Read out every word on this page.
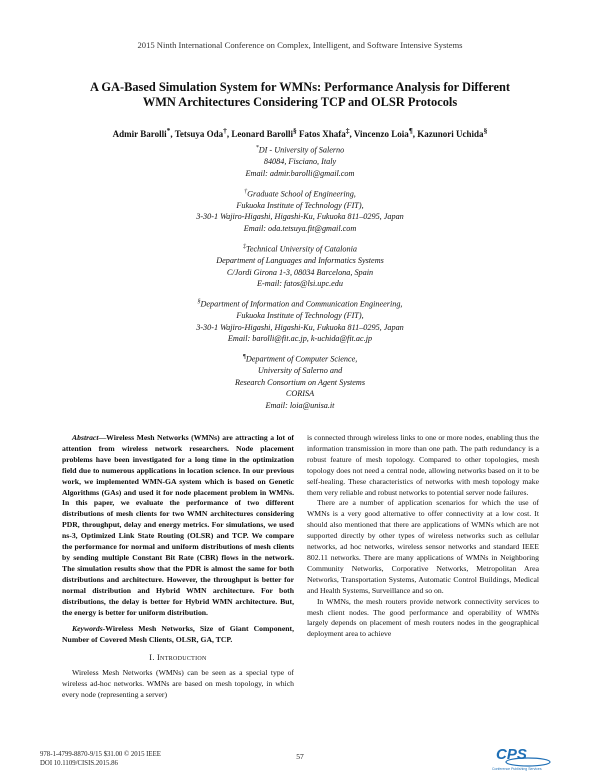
2015 Ninth International Conference on Complex, Intelligent, and Software Intensive Systems
A GA-Based Simulation System for WMNs: Performance Analysis for Different
WMN Architectures Considering TCP and OLSR Protocols
Admir Barolli*, Tetsuya Oda†, Leonard Barolli§ Fatos Xhafa‡, Vincenzo Loia¶, Kazunori Uchida§
*DI - University of Salerno
84084, Fisciano, Italy
Email: admir.barolli@gmail.com
†Graduate School of Engineering,
Fukuoka Institute of Technology (FIT),
3-30-1 Wajiro-Higashi, Higashi-Ku, Fukuoka 811–0295, Japan
Email: oda.tetsuya.fit@gmail.com
‡Technical University of Catalonia
Department of Languages and Informatics Systems
C/Jordi Girona 1-3, 08034 Barcelona, Spain
E-mail: fatos@lsi.upc.edu
§Department of Information and Communication Engineering,
Fukuoka Institute of Technology (FIT),
3-30-1 Wajiro-Higashi, Higashi-Ku, Fukuoka 811–0295, Japan
Email: barolli@fit.ac.jp, k-uchida@fit.ac.jp
¶Department of Computer Science,
University of Salerno and
Research Consortium on Agent Systems
CORISA
Email: loia@unisa.it

Abstract—Wireless Mesh Networks (WMNs) are attracting a lot of attention from wireless network researchers. Node placement problems have been investigated for a long time in the optimization field due to numerous applications in location science. In our previous work, we implemented WMN-GA system which is based on Genetic Algorithms (GAs) and used it for node placement problem in WMNs. In this paper, we evaluate the performance of two different distributions of mesh clients for two WMN architectures considering PDR, throughput, delay and energy metrics. For simulations, we used ns-3, Optimized Link State Routing (OLSR) and TCP. We compare the performance for normal and uniform distributions of mesh clients by sending multiple Constant Bit Rate (CBR) flows in the network. The simulation results show that the PDR is almost the same for both distributions and architecture. However, the throughput is better for normal distribution and Hybrid WMN architecture. For both distributions, the delay is better for Hybrid WMN architecture. But, the energy is better for uniform distribution.

Keywords-Wireless Mesh Networks, Size of Giant Component, Number of Covered Mesh Clients, OLSR, GA, TCP.

I. Introduction

Wireless Mesh Networks (WMNs) can be seen as a special type of wireless ad-hoc networks. WMNs are based on mesh topology, in which every node (representing a server)

is connected through wireless links to one or more nodes, enabling thus the information transmission in more than one path. The path redundancy is a robust feature of mesh topology. Compared to other topologies, mesh topology does not need a central node, allowing networks based on it to be self-healing. These characteristics of networks with mesh topology make them very reliable and robust networks to potential server node failures.

There are a number of application scenarios for which the use of WMNs is a very good alternative to offer connectivity at a low cost. It should also mentioned that there are applications of WMNs which are not supported directly by other types of wireless networks such as cellular networks, ad hoc networks, wireless sensor networks and standard IEEE 802.11 networks. There are many applications of WMNs in Neighboring Community Networks, Corporative Networks, Metropolitan Area Networks, Transportation Systems, Automatic Control Buildings, Medical and Health Systems, Surveillance and so on.

In WMNs, the mesh routers provide network connectivity services to mesh client nodes. The good performance and operability of WMNs largely depends on placement of mesh routers nodes in the geographical deployment area to achieve

978-1-4799-8870-9/15 $31.00 © 2015 IEEE
DOI 10.1109/CISIS.2015.86
57	CPS
Conference Publishing Services
